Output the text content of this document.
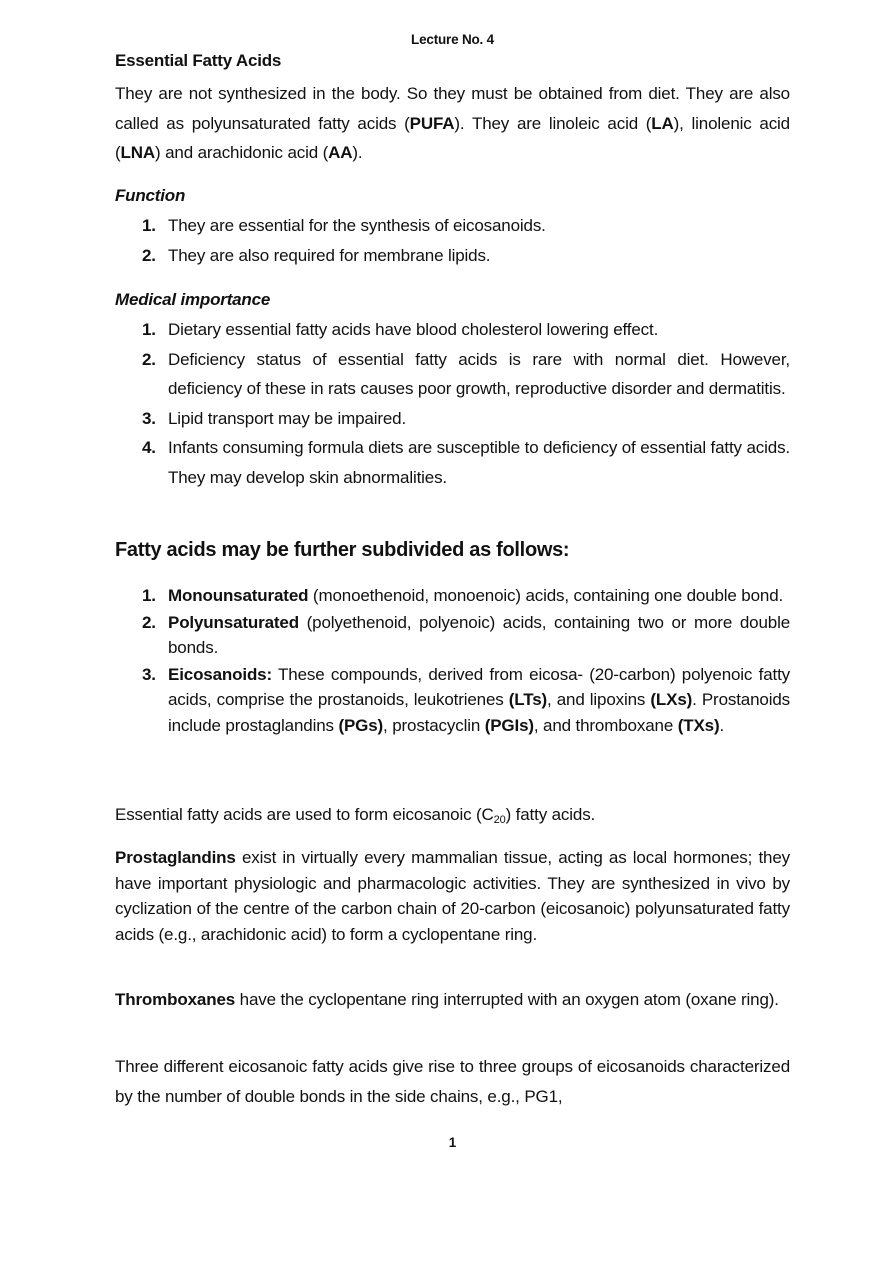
Lecture No. 4
Essential Fatty Acids

They are not synthesized in the body. So they must be obtained from diet. They are also called as polyunsaturated fatty acids (PUFA). They are linoleic acid (LA), linolenic acid (LNA) and arachidonic acid (AA).

Function
1. They are essential for the synthesis of eicosanoids.
2. They are also required for membrane lipids.
Medical importance
1. Dietary essential fatty acids have blood cholesterol lowering effect.
2. Deficiency status of essential fatty acids is rare with normal diet. However, deficiency of these in rats causes poor growth, reproductive disorder and dermatitis.
3. Lipid transport may be impaired.
4. Infants consuming formula diets are susceptible to deficiency of essential fatty acids. They may develop skin abnormalities.
Fatty acids may be further subdivided as follows:
1. Monounsaturated (monoethenoid, monoenoic) acids, containing one double bond.
2. Polyunsaturated (polyethenoid, polyenoic) acids, containing two or more double bonds.
3. Eicosanoids: These compounds, derived from eicosa- (20-carbon) polyenoic fatty acids, comprise the prostanoids, leukotrienes (LTs), and lipoxins (LXs). Prostanoids include prostaglandins (PGs), prostacyclin (PGIs), and thromboxane (TXs).

Essential fatty acids are used to form eicosanoic $(C_{20})$ fatty acids.

Prostaglandins exist in virtually every mammalian tissue, acting as local hormones; they have important physiologic and pharmacologic activities. They are synthesized in vivo by cyclization of the centre of the carbon chain of 20-carbon (eicosanoic) polyunsaturated fatty acids (e.g., arachidonic acid) to form a cyclopentane ring.

Thromboxanes have the cyclopentane ring interrupted with an oxygen atom (oxane ring).

Three different eicosanoic fatty acids give rise to three groups of eicosanoids characterized by the number of double bonds in the side chains, e.g., PG1,

1
